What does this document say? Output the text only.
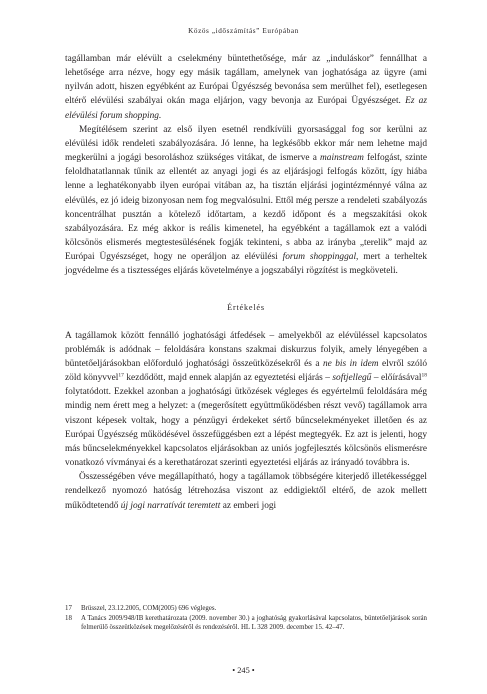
Közös „időszámítás” Európában

tagállamban már elévült a cselekmény büntethetősége, már az „induláskor” fennállhat a lehetősége arra nézve, hogy egy másik tagállam, amelynek van joghatósága az ügyre (ami nyilván adott, hiszen egyébként az Európai Ügyészség bevonása sem merülhet fel), esetlegesen eltérő elévülési szabályai okán maga eljárjon, vagy bevonja az Európai Ügyészséget. Ez az elévülési forum shopping.

Megítélésem szerint az első ilyen esetnél rendkívüli gyorsasággal fog sor kerülni az elévülési idők rendeleti szabályozására. Jó lenne, ha legkésőbb ekkor már nem lehetne majd megkerülni a jogági besoroláshoz szükséges vitákat, de ismerve a mainstream felfogást, szinte feloldhatatlannak tűnik az ellentét az anyagi jogi és az eljárásjogi felfogás között, így hiába lenne a leghatékonyabb ilyen európai vitában az, ha tisztán eljárási jogintézménnyé válna az elévülés, ez jó ideig bizonyosan nem fog megvalósulni. Ettől még persze a rendeleti szabályozás koncentrálhat pusztán a kötelező időtartam, a kezdő időpont és a megszakítási okok szabályozására. Ez még akkor is reális kimenetel, ha egyébként a tagállamok ezt a valódi kölcsönös elismerés megtestesülésének fogják tekinteni, s abba az irányba „terelik” majd az Európai Ügyészséget, hogy ne operáljon az elévülési forum shoppinggal, mert a terheltek jogvédelme és a tisztességes eljárás követelménye a jogszabályi rögzítést is megköveteli.

Értékelés

A tagállamok között fennálló joghatósági átfedések – amelyekből az elévüléssel kapcsolatos problémák is adódnak – feloldására konstans szakmai diskurzus folyik, amely lényegében a büntetőeljárásokban előforduló joghatósági összeütközésekről és a ne bis in idem elvről szóló zöld könyvvel$^{17}$ kezdődött, majd ennek alapján az egyeztetési eljárás – softjellegű – előírásával$^{18}$ folytatódott. Ezekkel azonban a joghatósági ütközések végleges és egyértelmű feloldására még mindig nem érett meg a helyzet: a (megerősített együttműködésben részt vevő) tagállamok arra viszont képesek voltak, hogy a pénzügyi érdekeket sértő bűncselekményeket illetően és az Európai Ügyészség működésével összefüggésben ezt a lépést megtegyék. Ez azt is jelenti, hogy más bűncselekményekkel kapcsolatos eljárásokban az uniós jogfejlesztés kölcsönös elismerésre vonatkozó vívmányai és a kerethatározat szerinti egyeztetési eljárás az irányadó továbbra is.

Összességében véve megállapítható, hogy a tagállamok többségére kiterjedő illetékességgel rendelkező nyomozó hatóság létrehozása viszont az eddigiektől eltérő, de azok mellett működtetendő új jogi narratívát teremtett az emberi jogi

17 Brüsszel, 23.12.2005, COM(2005) 696 végleges.
18 A Tanács 2009/948/IB kerethatározata (2009. november 30.) a joghatóság gyakorlásával kapcsolatos, büntetőeljárások során felmerülő összeütközések megelőzéséről és rendezéséről. HL L 328 2009. december 15. 42–47.
• 245 •
